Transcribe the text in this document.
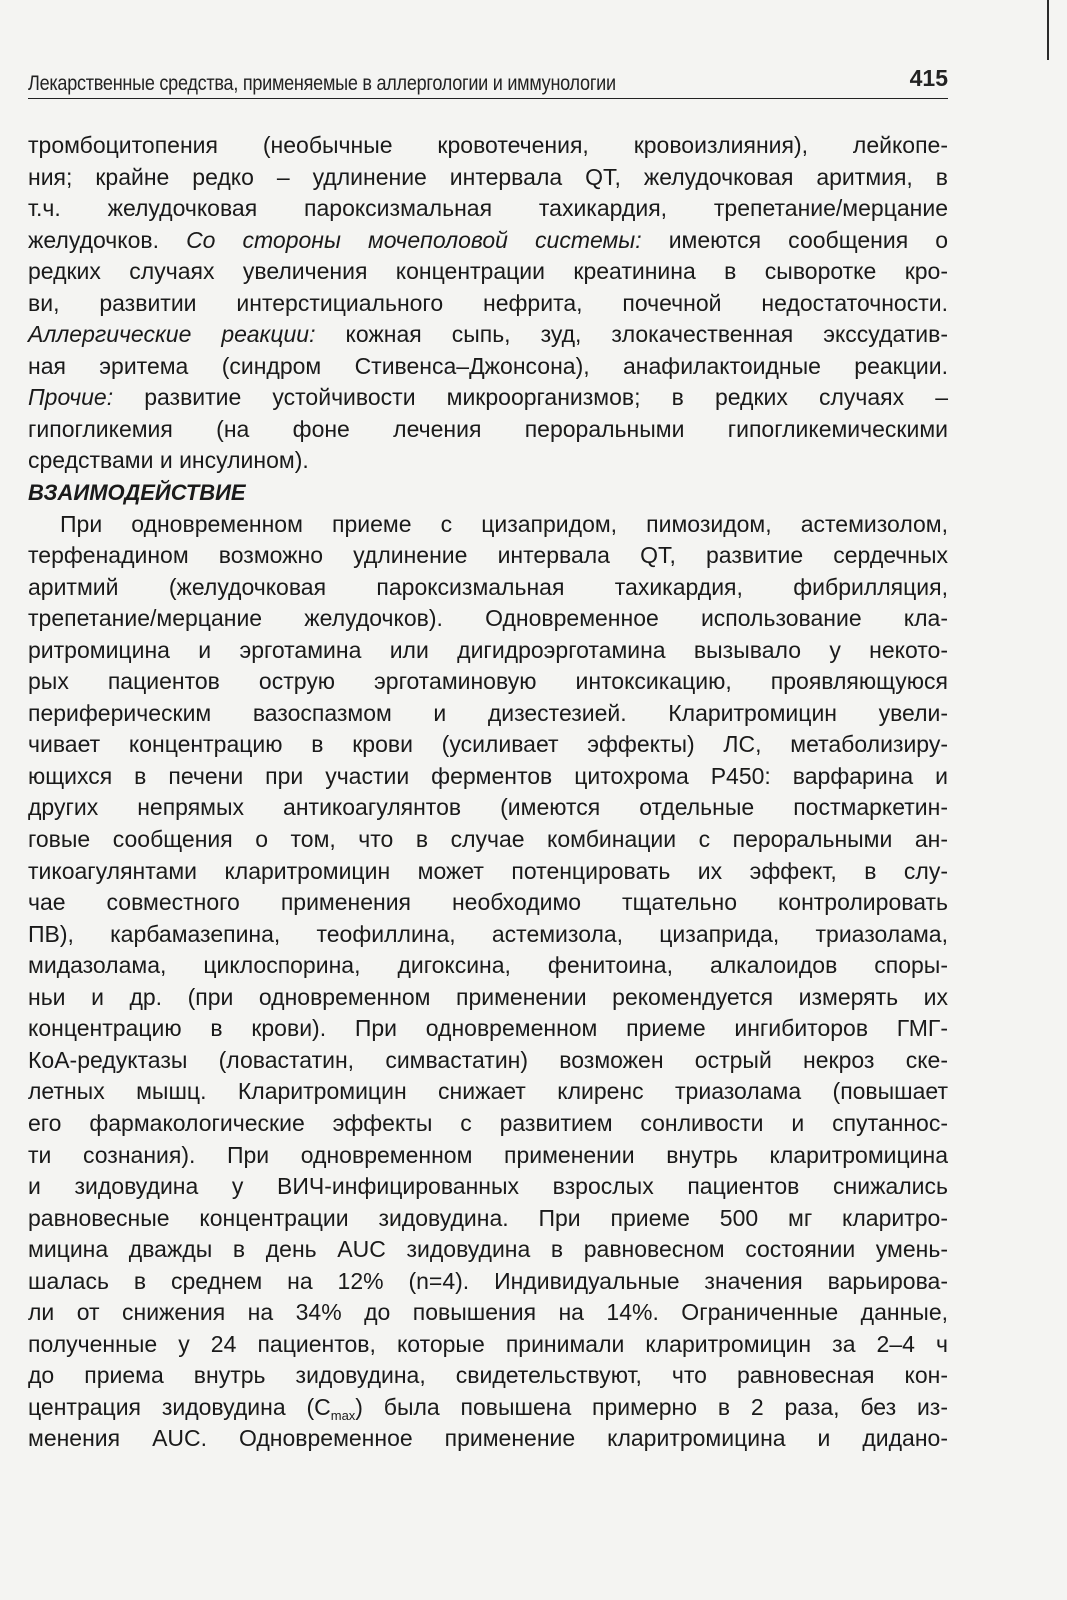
Лекарственные средства, применяемые в аллергологии и иммунологии	415
тромбоцитопения (необычные кровотечения, кровоизлияния), лейкопе-
ния; крайне редко – удлинение интервала QT, желудочковая аритмия, в
т.ч. желудочковая пароксизмальная тахикардия, трепетание/мерцание
желудочков. Со стороны мочеполовой системы: имеются сообщения о
редких случаях увеличения концентрации креатинина в сыворотке кро-
ви, развитии интерстициального нефрита, почечной недостаточности.
Аллергические реакции: кожная сыпь, зуд, злокачественная экссудатив-
ная эритема (синдром Стивенса–Джонсона), анафилактоидные реакции.
Прочие: развитие устойчивости микроорганизмов; в редких случаях –
гипогликемия (на фоне лечения пероральными гипогликемическими
средствами и инсулином).
ВЗАИМОДЕЙСТВИЕ
При одновременном приеме с цизапридом, пимозидом, астемизолом,
терфенадином возможно удлинение интервала QT, развитие сердечных
аритмий (желудочковая пароксизмальная тахикардия, фибрилляция,
трепетание/мерцание желудочков). Одновременное использование кла-
ритромицина и эрготамина или дигидроэрготамина вызывало у некото-
рых пациентов острую эрготаминовую интоксикацию, проявляющуюся
периферическим вазоспазмом и дизестезией. Кларитромицин увели-
чивает концентрацию в крови (усиливает эффекты) ЛС, метаболизиру-
ющихся в печени при участии ферментов цитохрома P450: варфарина и
других непрямых антикоагулянтов (имеются отдельные постмаркетин-
говые сообщения о том, что в случае комбинации с пероральными ан-
тикоагулянтами кларитромицин может потенцировать их эффект, в слу-
чае совместного применения необходимо тщательно контролировать
ПВ), карбамазепина, теофиллина, астемизола, цизаприда, триазолама,
мидазолама, циклоспорина, дигоксина, фенитоина, алкалоидов споры-
ньи и др. (при одновременном применении рекомендуется измерять их
концентрацию в крови). При одновременном приеме ингибиторов ГМГ-
КоА-редуктазы (ловастатин, симвастатин) возможен острый некроз ске-
летных мышц. Кларитромицин снижает клиренс триазолама (повышает
его фармакологические эффекты с развитием сонливости и спутаннос-
ти сознания). При одновременном применении внутрь кларитромицина
и зидовудина у ВИЧ-инфицированных взрослых пациентов снижались
равновесные концентрации зидовудина. При приеме 500 мг кларитро-
мицина дважды в день AUC зидовудина в равновесном состоянии умень-
шалась в среднем на 12% (n=4). Индивидуальные значения варьирова-
ли от снижения на 34% до повышения на 14%. Ограниченные данные,
полученные у 24 пациентов, которые принимали кларитромицин за 2–4 ч
до приема внутрь зидовудина, свидетельствуют, что равновесная кон-
центрация зидовудина $(C_{max})$ была повышена примерно в 2 раза, без из-
менения AUC. Одновременное применение кларитромицина и диданo-
